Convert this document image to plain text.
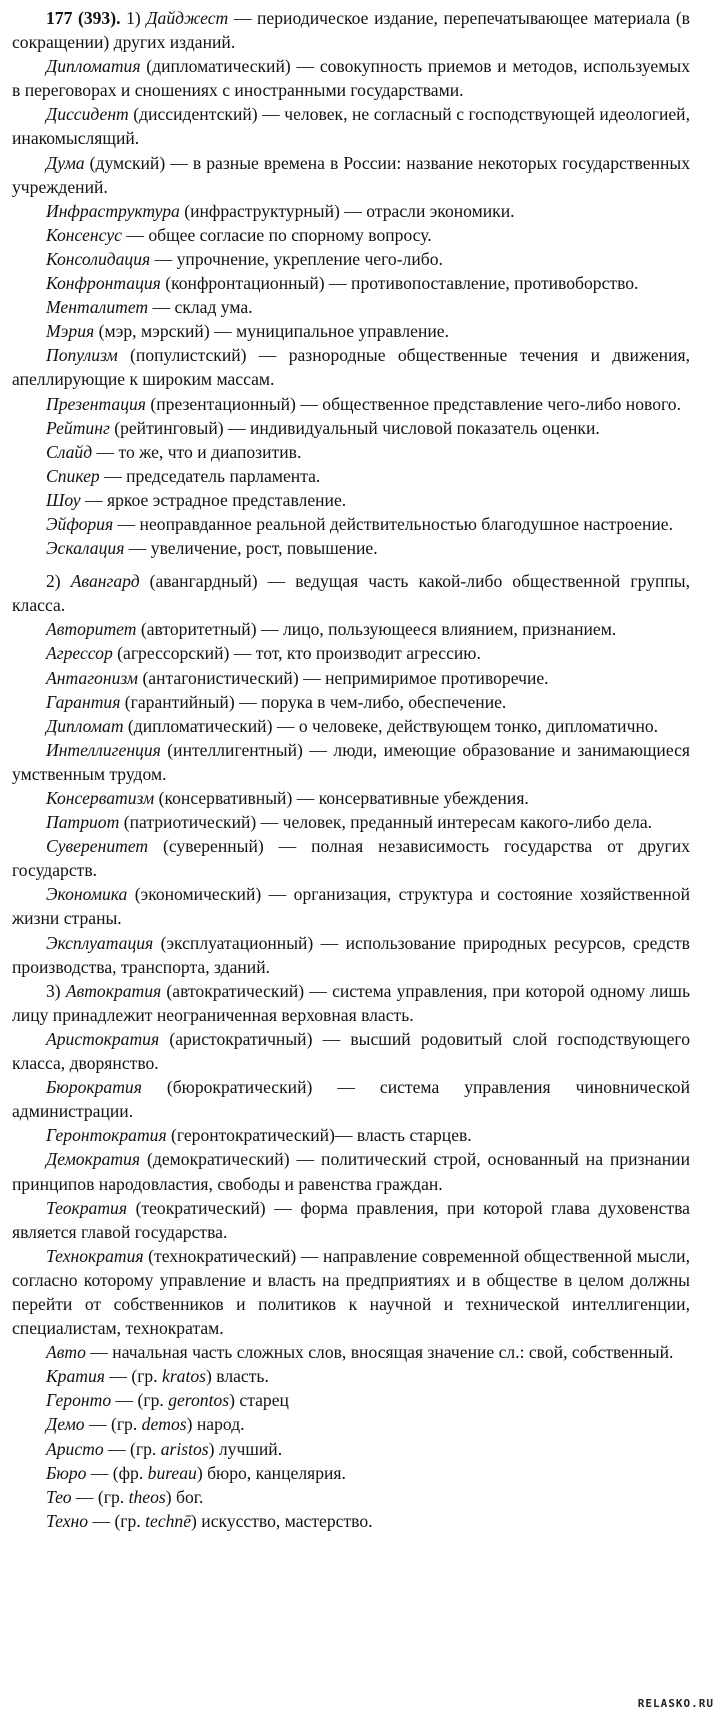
177 (393). 1) Дайджест — периодическое издание, перепечатывающее материала (в сокращении) других изданий.

Дипломатия (дипломатический) — совокупность приемов и методов, используемых в переговорах и сношениях с иностранными государствами.

Диссидент (диссидентский) — человек, не согласный с господствующей идеологией, инакомыслящий.

Дума (думский) — в разные времена в России: название некоторых государственных учреждений.

Инфраструктура (инфраструктурный) — отрасли экономики.

Консенсус — общее согласие по спорному вопросу.

Консолидация — упрочнение, укрепление чего-либо.

Конфронтация (конфронтационный) — противопоставление, противоборство.

Менталитет — склад ума.

Мэрия (мэр, мэрский) — муниципальное управление.

Популизм (популистский) — разнородные общественные течения и движения, апеллирующие к широким массам.

Презентация (презентационный) — общественное представление чего-либо нового.

Рейтинг (рейтинговый) — индивидуальный числовой показатель оценки.

Слайд — то же, что и диапозитив.

Спикер — председатель парламента.

Шоу — яркое эстрадное представление.

Эйфория — неоправданное реальной действительностью благодушное настроение.

Эскалация — увеличение, рост, повышение.

2) Авангард (авангардный) — ведущая часть какой-либо общественной группы, класса.

Авторитет (авторитетный) — лицо, пользующееся влиянием, признанием.

Агрессор (агрессорский) — тот, кто производит агрессию.

Антагонизм (антагонистический) — непримиримое противоречие.

Гарантия (гарантийный) — порука в чем-либо, обеспечение.

Дипломат (дипломатический) — о человеке, действующем тонко, дипломатично.

Интеллигенция (интеллигентный) — люди, имеющие образование и занимающиеся умственным трудом.

Консерватизм (консервативный) — консервативные убеждения.

Патриот (патриотический) — человек, преданный интересам какого-либо дела.

Суверенитет (суверенный) — полная независимость государства от других государств.

Экономика (экономический) — организация, структура и состояние хозяйственной жизни страны.

Эксплуатация (эксплуатационный) — использование природных ресурсов, средств производства, транспорта, зданий.

3) Автократия (автократический) — система управления, при которой одному лишь лицу принадлежит неограниченная верховная власть.

Аристократия (аристократичный) — высший родовитый слой господствующего класса, дворянство.

Бюрократия (бюрократический) — система управления чиновнической администрации.

Геронтократия (геронтократический)— власть старцев.

Демократия (демократический) — политический строй, основанный на признании принципов народовластия, свободы и равенства граждан.

Теократия (теократический) — форма правления, при которой глава духовенства является главой государства.

Технократия (технократический) — направление современной общественной мысли, согласно которому управление и власть на предприятиях и в обществе в целом должны перейти от собственников и политиков к научной и технической интеллигенции, специалистам, технократам.

Авто — начальная часть сложных слов, вносящая значение сл.: свой, собственный.

Кратия — (гр. kratos) власть.

Геронто — (гр. gerontos) старец

Демо — (гр. demos) народ.

Аристо — (гр. aristos) лучший.

Бюро — (фр. bureau) бюро, канцелярия.

Тео — (гр. theos) бог.

Техно — (гр. technē) искусство, мастерство.

RELASKO.RU
